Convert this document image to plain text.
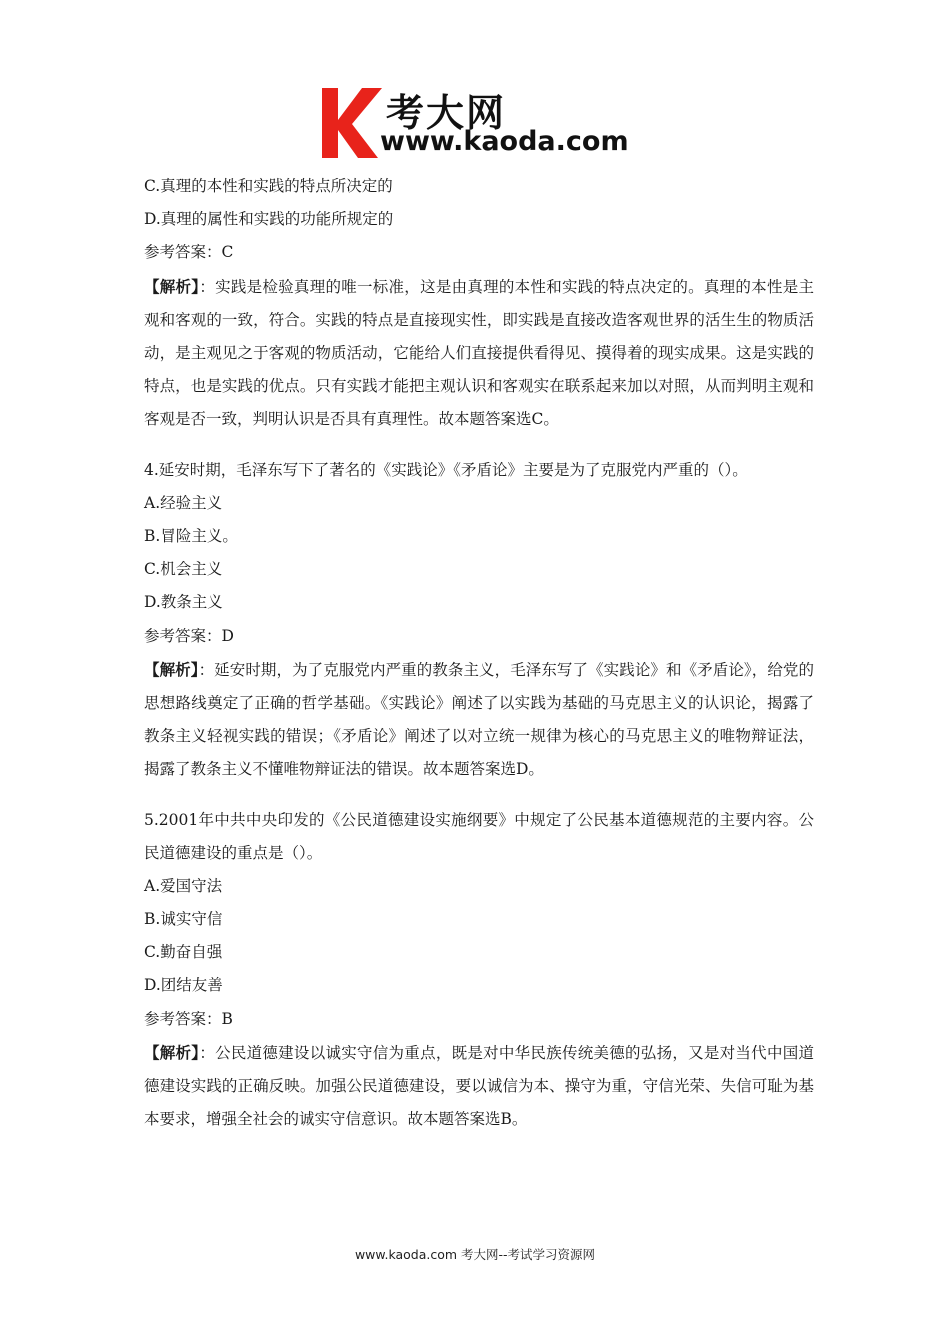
考大网
www.kaoda.com
C.真理的本性和实践的特点所决定的
D.真理的属性和实践的功能所规定的
参考答案：C
【解析】：实践是检验真理的唯一标准，这是由真理的本性和实践的特点决定的。真理的本性是主观和客观的一致，符合。实践的特点是直接现实性，即实践是直接改造客观世界的活生生的物质活动，是主观见之于客观的物质活动，它能给人们直接提供看得见、摸得着的现实成果。这是实践的特点，也是实践的优点。只有实践才能把主观认识和客观实在联系起来加以对照，从而判明主观和客观是否一致，判明认识是否具有真理性。故本题答案选C。
4.延安时期，毛泽东写下了著名的《实践论》《矛盾论》主要是为了克服党内严重的（）。
A.经验主义
B.冒险主义。
C.机会主义
D.教条主义
参考答案：D
【解析】：延安时期，为了克服党内严重的教条主义，毛泽东写了《实践论》和《矛盾论》，给党的思想路线奠定了正确的哲学基础。《实践论》阐述了以实践为基础的马克思主义的认识论，揭露了教条主义轻视实践的错误；《矛盾论》阐述了以对立统一规律为核心的马克思主义的唯物辩证法，揭露了教条主义不懂唯物辩证法的错误。故本题答案选D。
5.2001年中共中央印发的《公民道德建设实施纲要》中规定了公民基本道德规范的主要内容。公民道德建设的重点是（）。
A.爱国守法
B.诚实守信
C.勤奋自强
D.团结友善
参考答案：B
【解析】：公民道德建设以诚实守信为重点，既是对中华民族传统美德的弘扬，又是对当代中国道德建设实践的正确反映。加强公民道德建设，要以诚信为本、操守为重，守信光荣、失信可耻为基本要求，增强全社会的诚实守信意识。故本题答案选B。
www.kaoda.com 考大网--考试学习资源网
